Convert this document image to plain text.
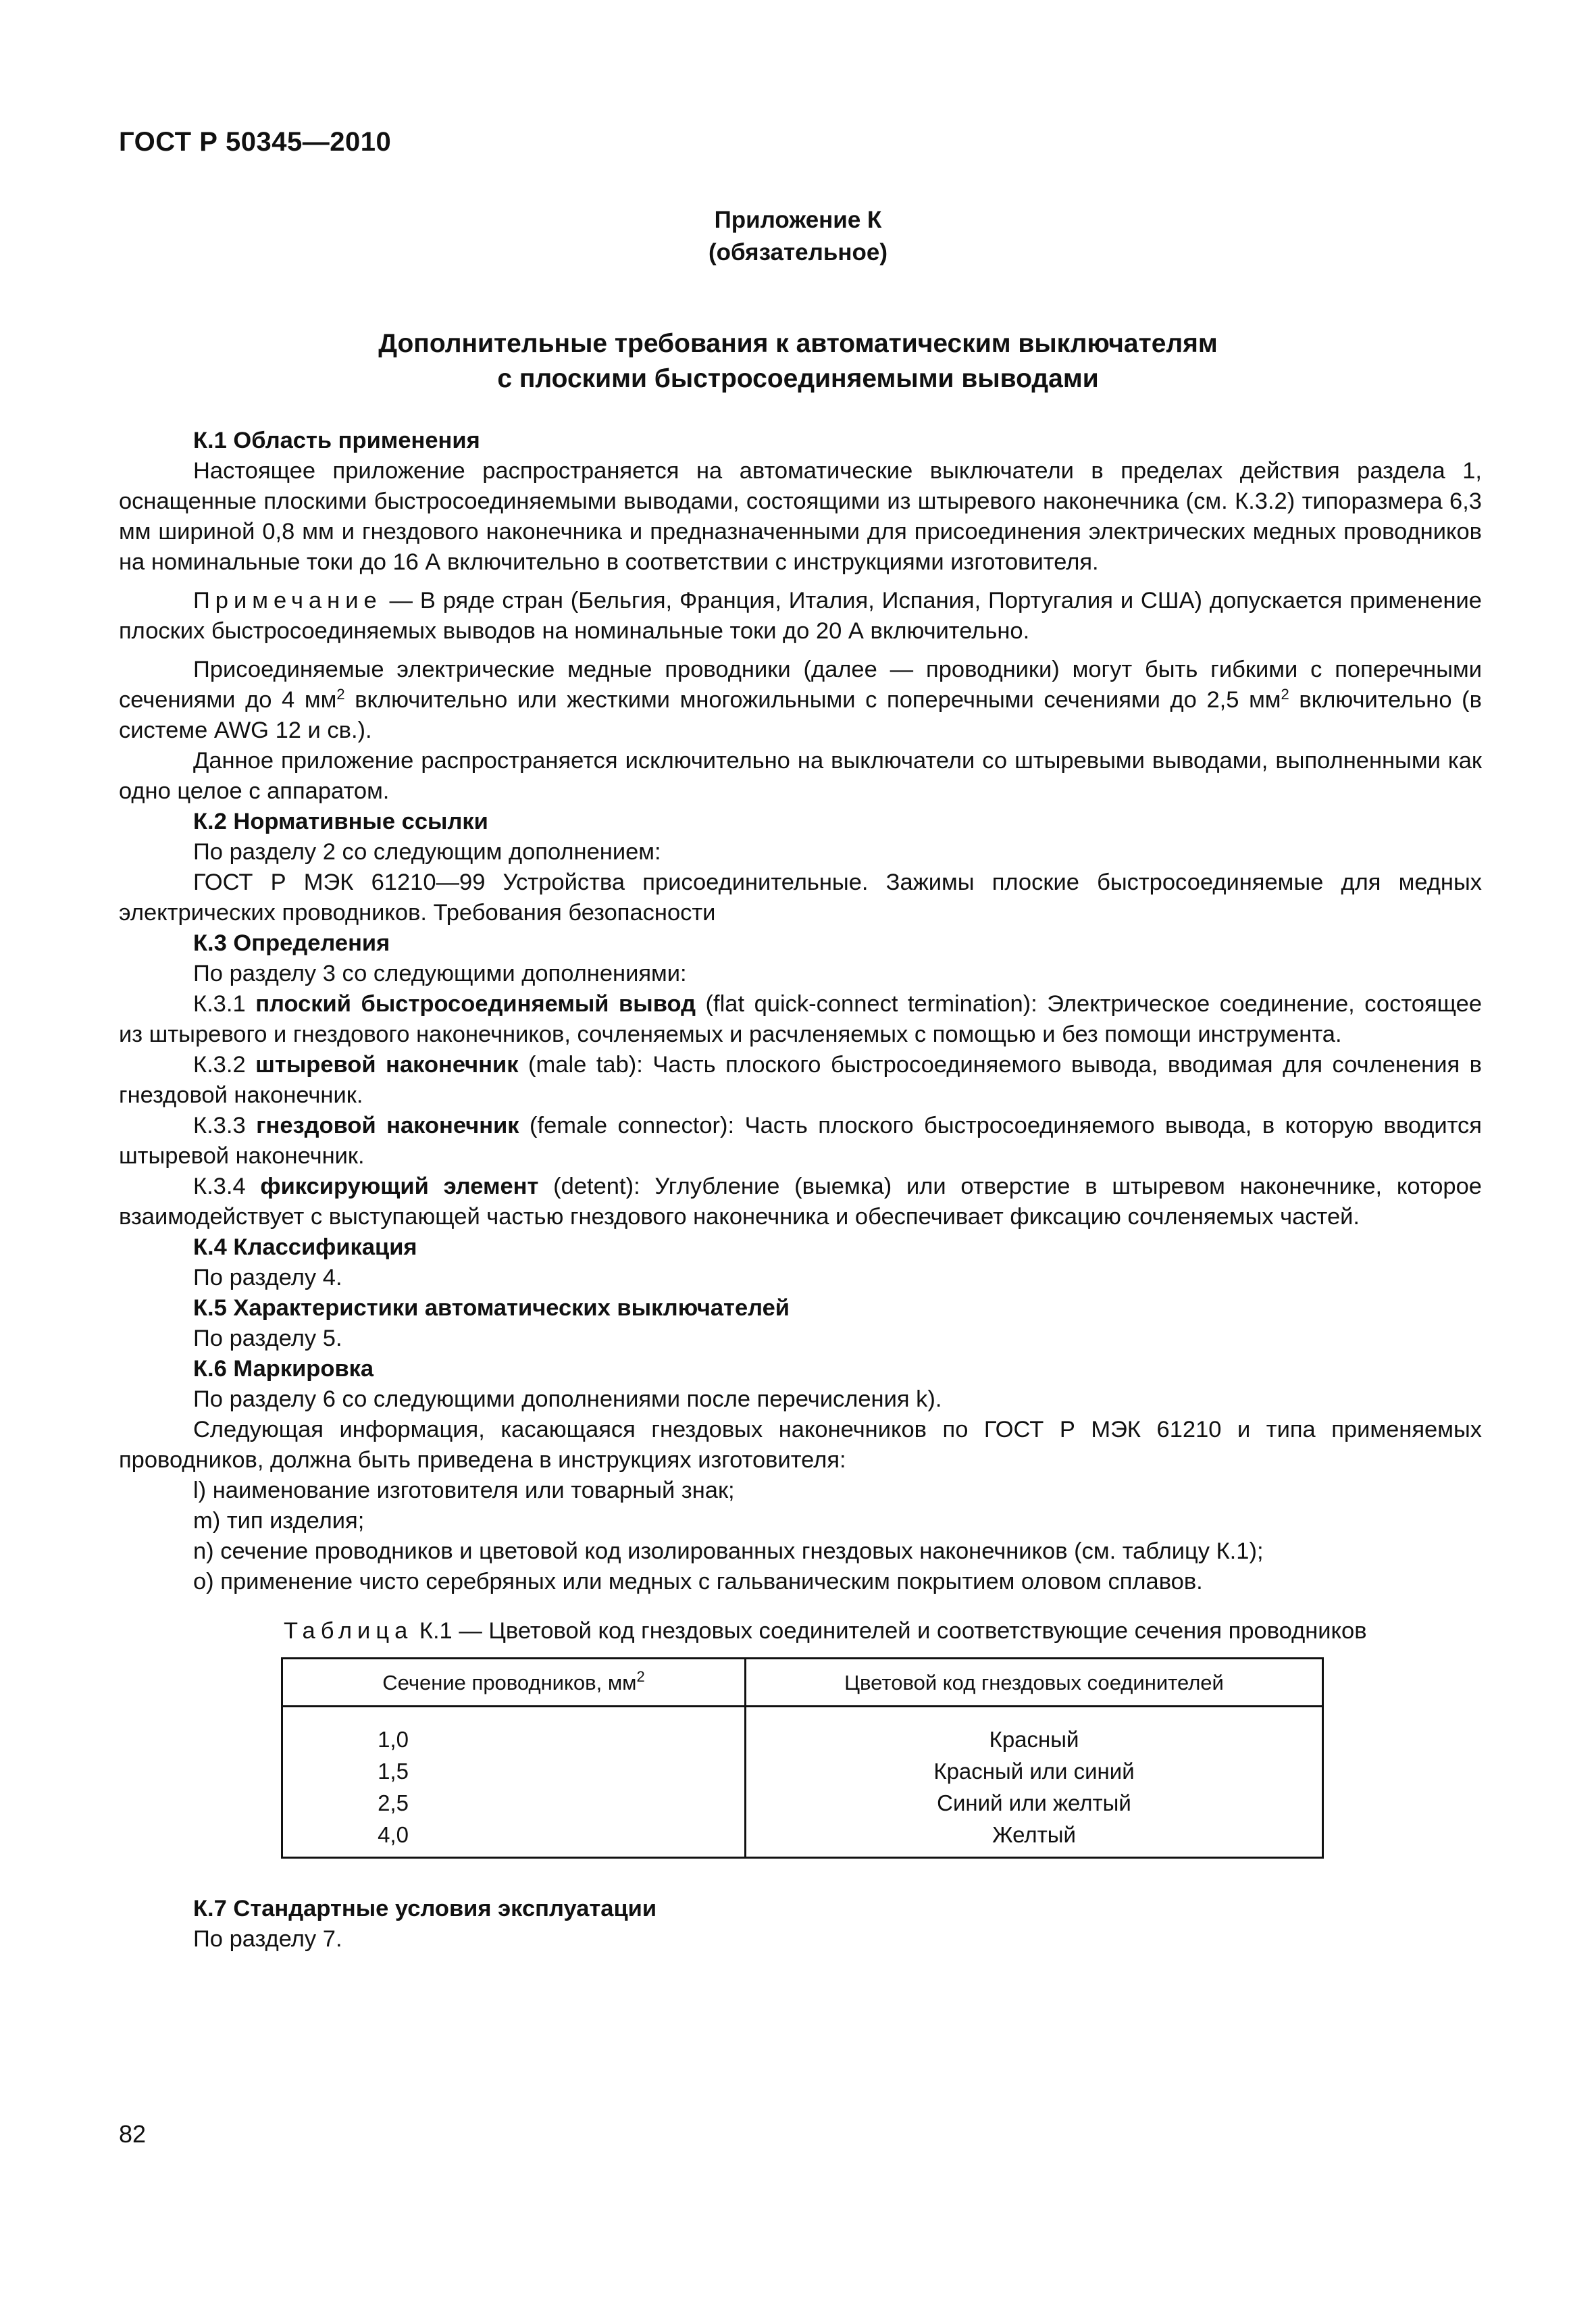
ГОСТ Р 50345—2010
Приложение К
(обязательное)
Дополнительные требования к автоматическим выключателям
с плоскими быстросоединяемыми выводами

К.1 Область применения

Настоящее приложение распространяется на автоматические выключатели в пределах действия раздела 1, оснащенные плоскими быстросоединяемыми выводами, состоящими из штыревого наконечника (см. К.3.2) типоразмера 6,3 мм шириной 0,8 мм и гнездового наконечника и предназначенными для присоединения электрических медных проводников на номинальные токи до 16 А включительно в соответствии с инструкциями изготовителя.

Примечание — В ряде стран (Бельгия, Франция, Италия, Испания, Португалия и США) допускается применение плоских быстросоединяемых выводов на номинальные токи до 20 А включительно.

Присоединяемые электрические медные проводники (далее — проводники) могут быть гибкими с поперечными сечениями до 4 $мм^2$ включительно или жесткими многожильными с поперечными сечениями до 2,5 $мм^2$ включительно (в системе AWG 12 и св.).

Данное приложение распространяется исключительно на выключатели со штыревыми выводами, выполненными как одно целое с аппаратом.

К.2 Нормативные ссылки

По разделу 2 со следующим дополнением:

ГОСТ Р МЭК 61210—99 Устройства присоединительные. Зажимы плоские быстросоединяемые для медных электрических проводников. Требования безопасности

К.3 Определения

По разделу 3 со следующими дополнениями:

К.3.1 плоский быстросоединяемый вывод (flat quick-connect termination): Электрическое соединение, состоящее из штыревого и гнездового наконечников, сочленяемых и расчленяемых с помощью и без помощи инструмента.

К.3.2 штыревой наконечник (male tab): Часть плоского быстросоединяемого вывода, вводимая для сочленения в гнездовой наконечник.

К.3.3 гнездовой наконечник (female connector): Часть плоского быстросоединяемого вывода, в которую вводится штыревой наконечник.

К.3.4 фиксирующий элемент (detent): Углубление (выемка) или отверстие в штыревом наконечнике, которое взаимодействует с выступающей частью гнездового наконечника и обеспечивает фиксацию сочленяемых частей.

К.4 Классификация

По разделу 4.

К.5 Характеристики автоматических выключателей

По разделу 5.

К.6 Маркировка

По разделу 6 со следующими дополнениями после перечисления k).

Следующая информация, касающаяся гнездовых наконечников по ГОСТ Р МЭК 61210 и типа применяемых проводников, должна быть приведена в инструкциях изготовителя:

l) наименование изготовителя или товарный знак;

m) тип изделия;

n) сечение проводников и цветовой код изолированных гнездовых наконечников (см. таблицу К.1);

o) применение чисто серебряных или медных с гальваническим покрытием оловом сплавов.

Таблица К.1 — Цветовой код гнездовых соединителей и соответствующие сечения проводников
Сечение проводников, $мм^2$	Цветовой код гнездовых соединителей

1,0	Красный
1,5	Красный или синий
2,5	Синий или желтый
4,0	Желтый

К.7 Стандартные условия эксплуатации

По разделу 7.

82
